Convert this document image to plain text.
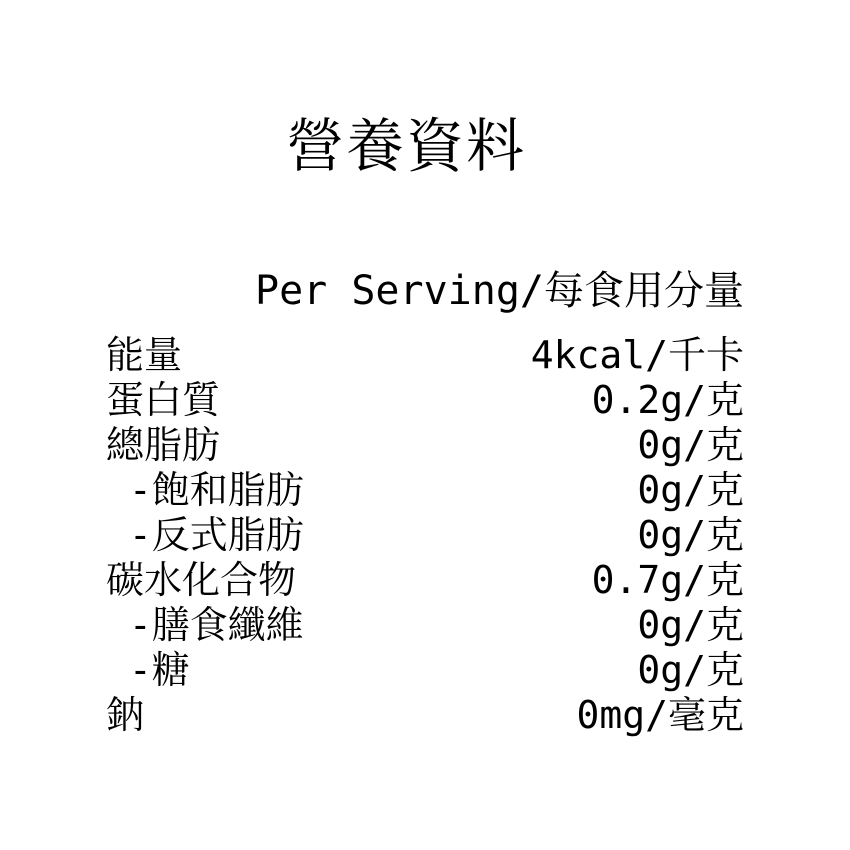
營養資料
Per Serving/每食用分量
能量	4kcal/千卡
蛋白質	0.2g/克
總脂肪	0g/克
-飽和脂肪	0g/克
-反式脂肪	0g/克
碳水化合物	0.7g/克
-膳食纖維	0g/克
-糖	0g/克
鈉	0mg/毫克
